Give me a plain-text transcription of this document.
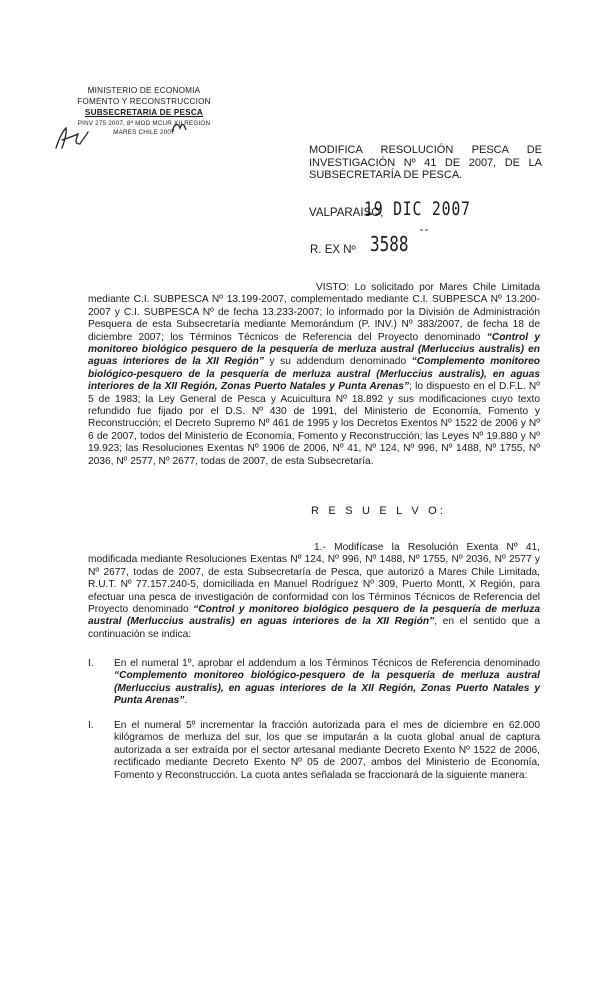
MINISTERIO DE ECONOMIA
FOMENTO Y RECONSTRUCCION
SUBSECRETARIA DE PESCA
PINV 275 2007, 8ª MOD MCUR XII REGION
MARES CHILE 2007
MODIFICA RESOLUCIÓN PESCA DE INVESTIGACIÓN Nº 41 DE 2007, DE LA SUBSECRETARÍA DE PESCA.
VALPARAISO,
19 DIC 2007
R. EX Nº 3588
VISTO: Lo solicitado por Mares Chile Limitada mediante C.I. SUBPESCA Nº 13.199-2007, complementado mediante C.I. SUBPESCA Nº 13.200-2007 y C.I. SUBPESCA Nº de fecha 13.233-2007; lo informado por la División de Administración Pesquera de esta Subsecretaría mediante Memorándum (P. INV.) Nº 383/2007, de fecha 18 de diciembre 2007; los Términos Técnicos de Referencia del Proyecto denominado “Control y monitoreo biológico pesquero de la pesquería de merluza austral (Merluccius australis) en aguas interiores de la XII Región” y su addendum denominado “Complemento monitoreo biológico-pesquero de la pesquería de merluza austral (Merluccius australis), en aguas interiores de la XII Región, Zonas Puerto Natales y Punta Arenas”; lo dispuesto en el D.F.L. Nº 5 de 1983; la Ley General de Pesca y Acuicultura Nº 18.892 y sus modificaciones cuyo texto refundido fue fijado por el D.S. Nº 430 de 1991, del Ministerio de Economía, Fomento y Reconstrucción; el Decreto Supremo Nº 461 de 1995 y los Decretos Exentos Nº 1522 de 2006 y Nº 6 de 2007, todos del Ministerio de Economía, Fomento y Reconstrucción; las Leyes Nº 19.880 y Nº 19.923; las Resoluciones Exentas Nº 1906 de 2006, Nº 41, Nº 124, Nº 996, Nº 1488, Nº 1755, Nº 2036, Nº 2577, Nº 2677, todas de 2007, de esta Subsecretaría.
R E S U E L V O:
1.- Modifícase la Resolución Exenta Nº 41, modificada mediante Resoluciones Exentas Nº 124, Nº 996, Nº 1488, Nº 1755, Nº 2036, Nº 2577 y Nº 2677, todas de 2007, de esta Subsecretaría de Pesca, que autorizó a Mares Chile Limitada, R.U.T. Nº 77.157.240-5, domiciliada en Manuel Rodríguez Nº 309, Puerto Montt, X Región, para efectuar una pesca de investigación de conformidad con los Términos Técnicos de Referencia del Proyecto denominado “Control y monitoreo biológico pesquero de la pesquería de merluza austral (Merluccius australis) en aguas interiores de la XII Región”, en el sentido que a continuación se indica:
I. En el numeral 1º, aprobar el addendum a los Términos Técnicos de Referencia denominado “Complemento monitoreo biológico-pesquero de la pesquería de merluza austral (Merluccius australis), en aguas interiores de la XII Región, Zonas Puerto Natales y Punta Arenas”.
I. En el numeral 5º incrementar la fracción autorizada para el mes de diciembre en 62.000 kilógramos de merluza del sur, los que se imputarán a la cuota global anual de captura autorizada a ser extraída por el sector artesanal mediante Decreto Exento Nº 1522 de 2006, rectificado mediante Decreto Exento Nº 05 de 2007, ambos del Ministerio de Economía, Fomento y Reconstrucción. La cuota antes señalada se fraccionará de la siguiente manera:
